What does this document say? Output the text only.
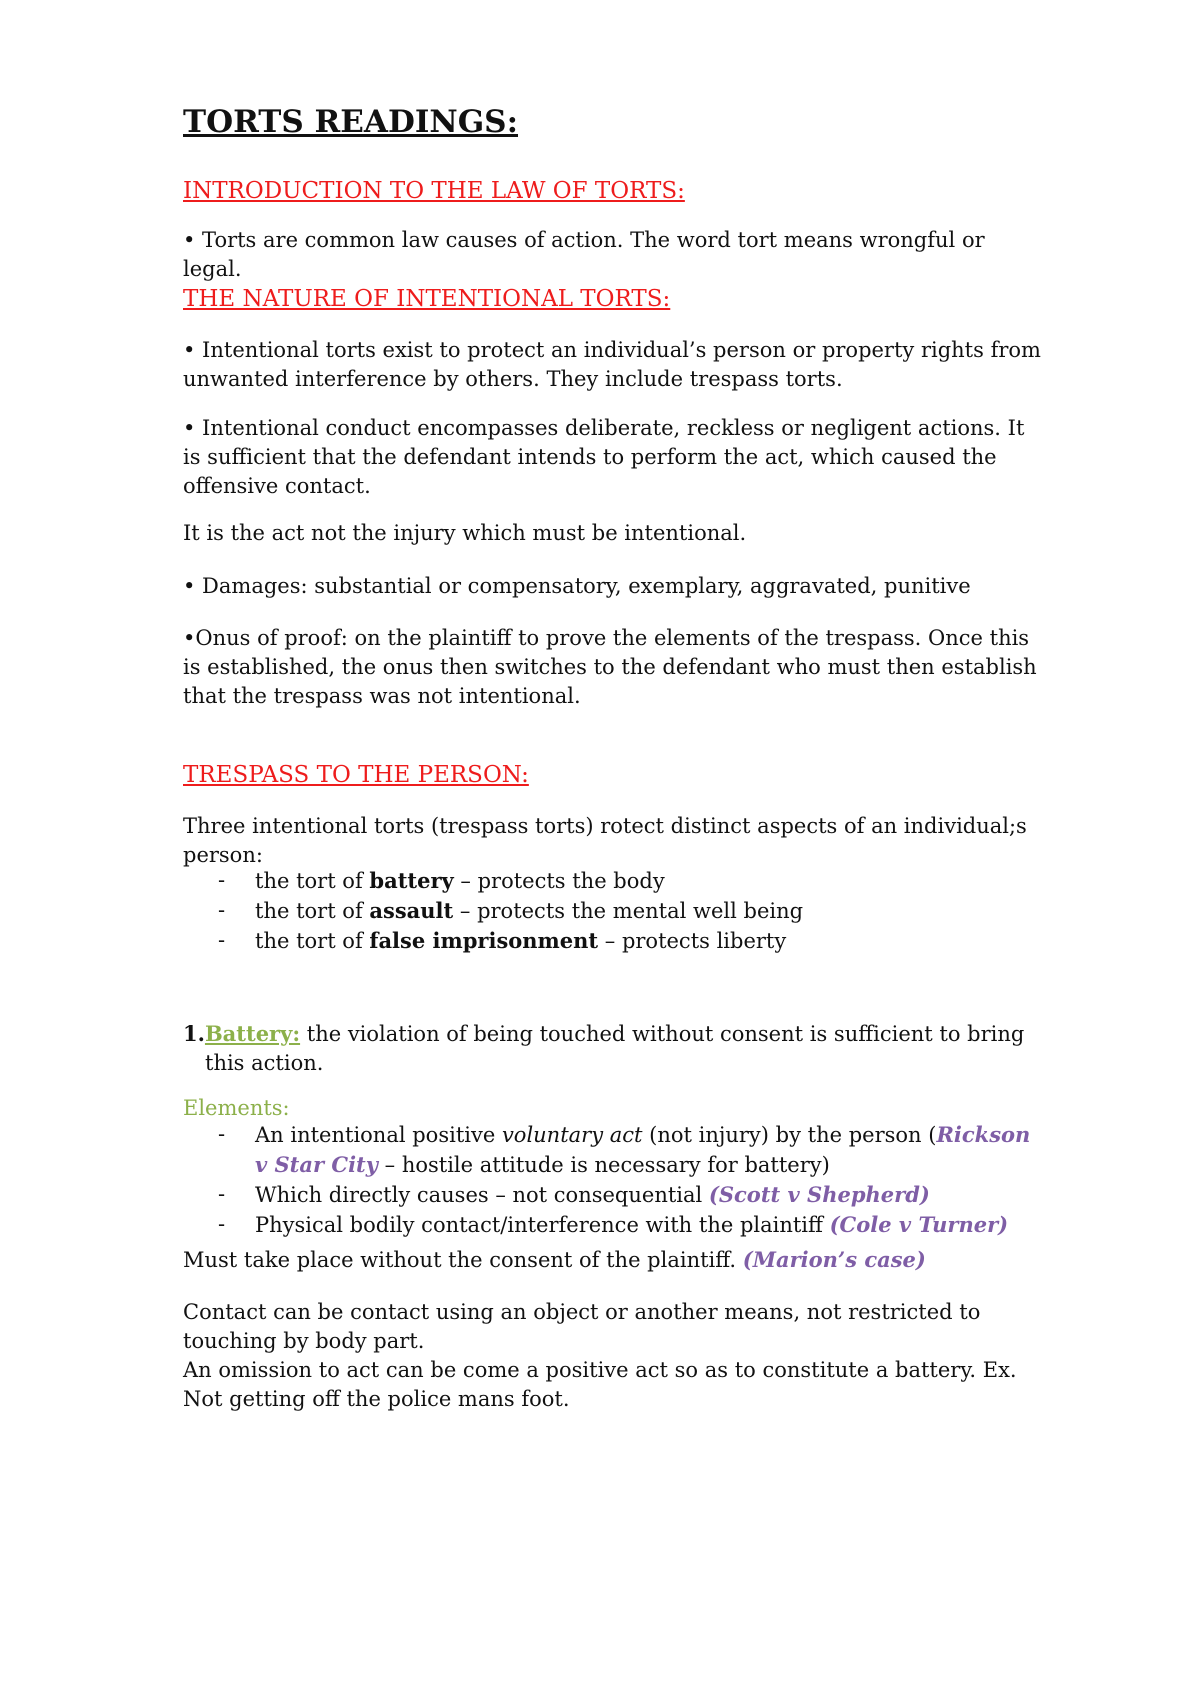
TORTS READINGS:
INTRODUCTION TO THE LAW OF TORTS:

• Torts are common law causes of action. The word tort means wrongful or legal.

THE NATURE OF INTENTIONAL TORTS:

• Intentional torts exist to protect an individual’s person or property rights from unwanted interference by others. They include trespass torts.

• Intentional conduct encompasses deliberate, reckless or negligent actions. It is sufficient that the defendant intends to perform the act, which caused the offensive contact.

It is the act not the injury which must be intentional.

• Damages: substantial or compensatory, exemplary, aggravated, punitive

•Onus of proof: on the plaintiff to prove the elements of the trespass. Once this is established, the onus then switches to the defendant who must then establish that the trespass was not intentional.

TRESPASS TO THE PERSON:

Three intentional torts (trespass torts) rotect distinct aspects of an individual;s person:

- the tort of battery – protects the body
- the tort of assault – protects the mental well being
- the tort of false imprisonment – protects liberty

1.Battery: the violation of being touched without consent is sufficient to bring this action.

Elements:
- An intentional positive voluntary act (not injury) by the person (Rickson v Star City – hostile attitude is necessary for battery)
- Which directly causes – not consequential (Scott v Shepherd)
- Physical bodily contact/interference with the plaintiff (Cole v Turner)

Must take place without the consent of the plaintiff. (Marion’s case)

Contact can be contact using an object or another means, not restricted to touching by body part.

An omission to act can be come a positive act so as to constitute a battery. Ex. Not getting off the police mans foot.
